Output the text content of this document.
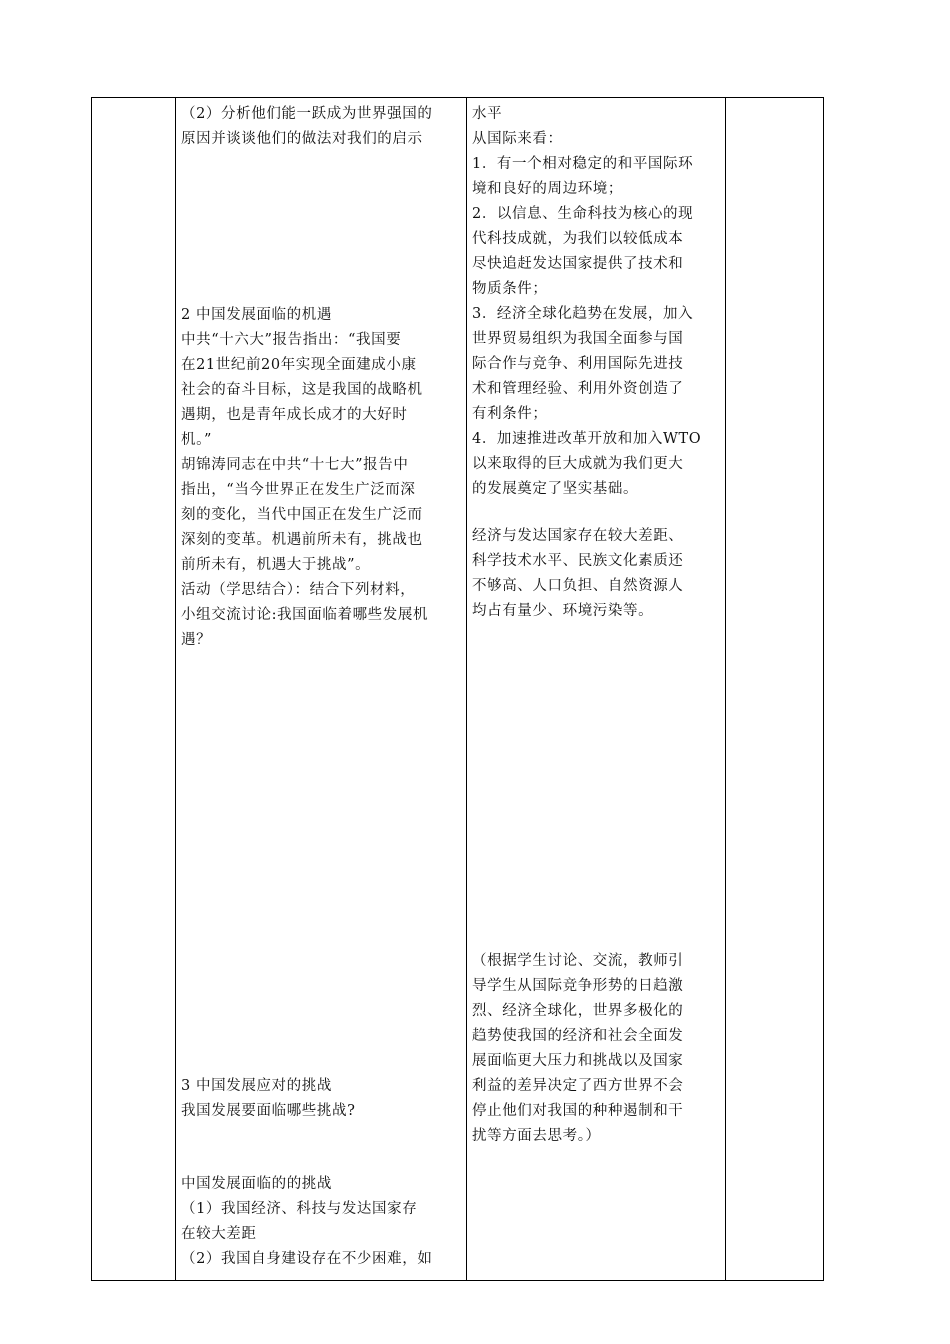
（2）分析他们能一跃成为世界强国的

原因并谈谈他们的做法对我们的启示

2 中国发展面临的机遇

中共“十六大”报告指出：“我国要

在21世纪前20年实现全面建成小康

社会的奋斗目标，这是我国的战略机

遇期，也是青年成长成才的大好时

机。”

胡锦涛同志在中共“十七大”报告中

指出，“当今世界正在发生广泛而深

刻的变化，当代中国正在发生广泛而

深刻的变革。机遇前所未有，挑战也

前所未有，机遇大于挑战”。

活动（学思结合）：结合下列材料，

小组交流讨论:我国面临着哪些发展机

遇？

3 中国发展应对的挑战

我国发展要面临哪些挑战?

中国发展面临的的挑战

（1）我国经济、科技与发达国家存

在较大差距

（2）我国自身建设存在不少困难，如

水平

从国际来看：

1．有一个相对稳定的和平国际环

境和良好的周边环境；

2．以信息、生命科技为核心的现

代科技成就，为我们以较低成本

尽快追赶发达国家提供了技术和

物质条件；

3．经济全球化趋势在发展，加入

世界贸易组织为我国全面参与国

际合作与竞争、利用国际先进技

术和管理经验、利用外资创造了

有利条件；

4．加速推进改革开放和加入WTO

以来取得的巨大成就为我们更大

的发展奠定了坚实基础。

经济与发达国家存在较大差距、

科学技术水平、民族文化素质还

不够高、人口负担、自然资源人

均占有量少、环境污染等。

（根据学生讨论、交流，教师引

导学生从国际竞争形势的日趋激

烈、经济全球化，世界多极化的

趋势使我国的经济和社会全面发

展面临更大压力和挑战以及国家

利益的差异决定了西方世界不会

停止他们对我国的种种遏制和干

扰等方面去思考。）
